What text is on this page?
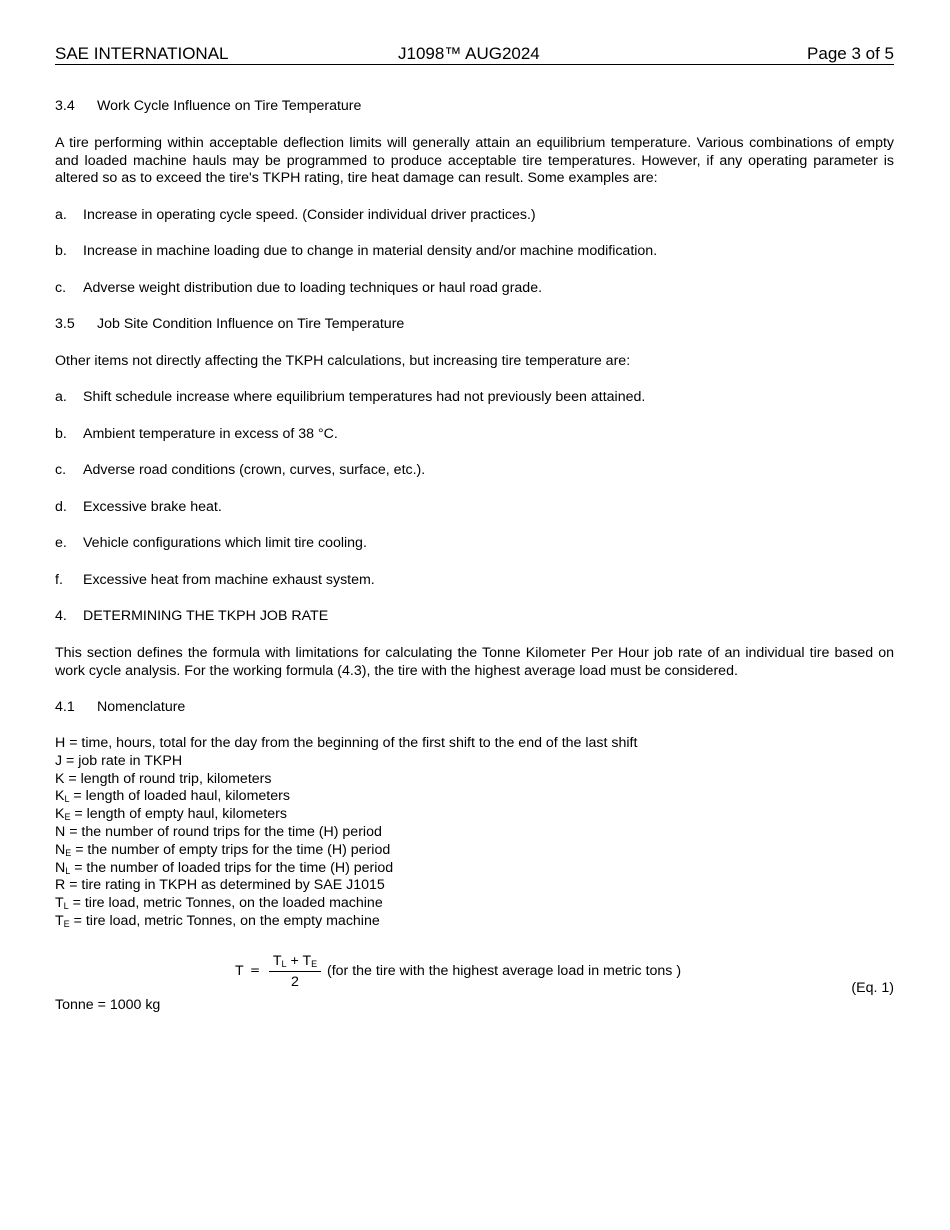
SAE INTERNATIONAL	J1098™ AUG2024	Page 3 of 5
3.4 Work Cycle Influence on Tire Temperature
A tire performing within acceptable deflection limits will generally attain an equilibrium temperature. Various combinations of empty and loaded machine hauls may be programmed to produce acceptable tire temperatures. However, if any operating parameter is altered so as to exceed the tire's TKPH rating, tire heat damage can result. Some examples are:
a. Increase in operating cycle speed. (Consider individual driver practices.)
b. Increase in machine loading due to change in material density and/or machine modification.
c. Adverse weight distribution due to loading techniques or haul road grade.
3.5 Job Site Condition Influence on Tire Temperature
Other items not directly affecting the TKPH calculations, but increasing tire temperature are:
a. Shift schedule increase where equilibrium temperatures had not previously been attained.
b. Ambient temperature in excess of 38 °C.
c. Adverse road conditions (crown, curves, surface, etc.).
d. Excessive brake heat.
e. Vehicle configurations which limit tire cooling.
f. Excessive heat from machine exhaust system.
4. DETERMINING THE TKPH JOB RATE
This section defines the formula with limitations for calculating the Tonne Kilometer Per Hour job rate of an individual tire based on work cycle analysis. For the working formula (4.3), the tire with the highest average load must be considered.
4.1 Nomenclature
H = time, hours, total for the day from the beginning of the first shift to the end of the last shift
J = job rate in TKPH
K = length of round trip, kilometers
$K_L$ = length of loaded haul, kilometers
$K_E$ = length of empty haul, kilometers
N = the number of round trips for the time (H) period
$N_E$ = the number of empty trips for the time (H) period
$N_L$ = the number of loaded trips for the time (H) period
R = tire rating in TKPH as determined by SAE J1015
$T_L$ = tire load, metric Tonnes, on the loaded machine
$T_E$ = tire load, metric Tonnes, on the empty machine
T =
$T_L + T_E$
2
(for the tire with the highest average load in metric tons )
(Eq. 1)
Tonne = 1000 kg
